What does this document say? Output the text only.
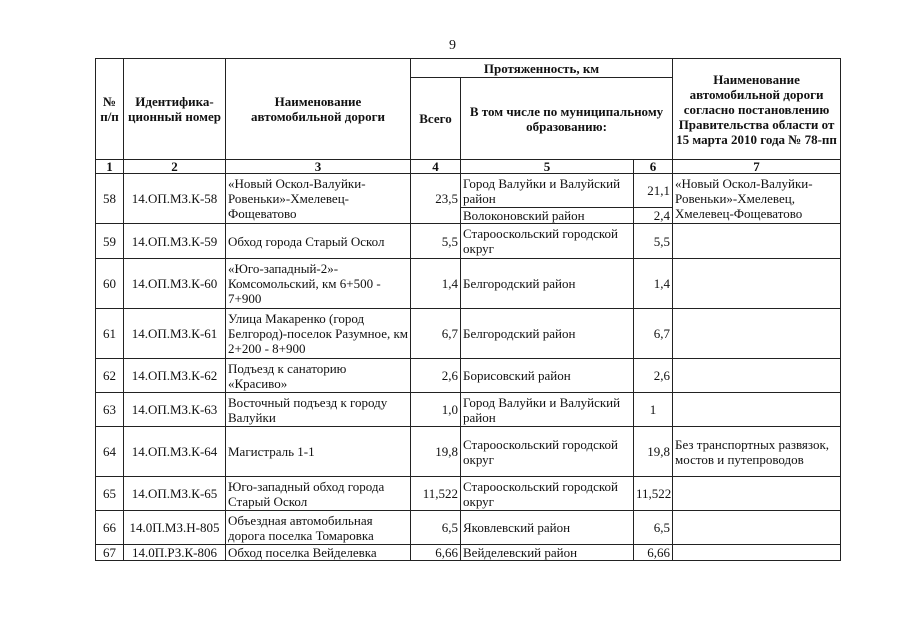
9
№ п/п	Идентифика-ционный номер	Наименование автомобильной дороги	Протяженность, км			Наименование автомобильной дороги согласно постановлению Правительства области от 15 марта 2010 года № 78-пп
			Всего	В том числе по муниципальному образованию:		
1	2	3	4	5	6	7
58	14.ОП.МЗ.К-58	«Новый Оскол-Валуйки-Ровеньки»-Хмелевец-Фощеватово	23,5	Город Валуйки и Валуйский район	21,1	«Новый Оскол-Валуйки-Ровеньки»-Хмелевец, Хмелевец-Фощеватово
				Волоконовский район	2,4	
59	14.ОП.МЗ.К-59	Обход города Старый Оскол	5,5	Старооскольский городской округ	5,5	
60	14.ОП.МЗ.К-60	«Юго-западный-2»-Комсомольский, км 6+500 - 7+900	1,4	Белгородский район	1,4	
61	14.ОП.МЗ.К-61	Улица Макаренко (город Белгород)-поселок Разумное, км 2+200 - 8+900	6,7	Белгородский район	6,7	
62	14.ОП.МЗ.К-62	Подъезд к санаторию «Красиво»	2,6	Борисовский район	2,6	
63	14.ОП.МЗ.К-63	Восточный подъезд к городу Валуйки	1,0	Город Валуйки и Валуйский район	1	
64	14.ОП.МЗ.К-64	Магистраль 1-1	19,8	Старооскольский городской округ	19,8	Без транспортных развязок, мостов и путепроводов
65	14.ОП.МЗ.К-65	Юго-западный обход города Старый Оскол	11,522	Старооскольский городской округ	11,522	
66	14.0П.МЗ.Н-805	Объездная автомобильная дорога поселка Томаровка	6,5	Яковлевский район	6,5	
67	14.0П.РЗ.К-806	Обход поселка Вейделевка	6,66	Вейделевский район	6,66	
